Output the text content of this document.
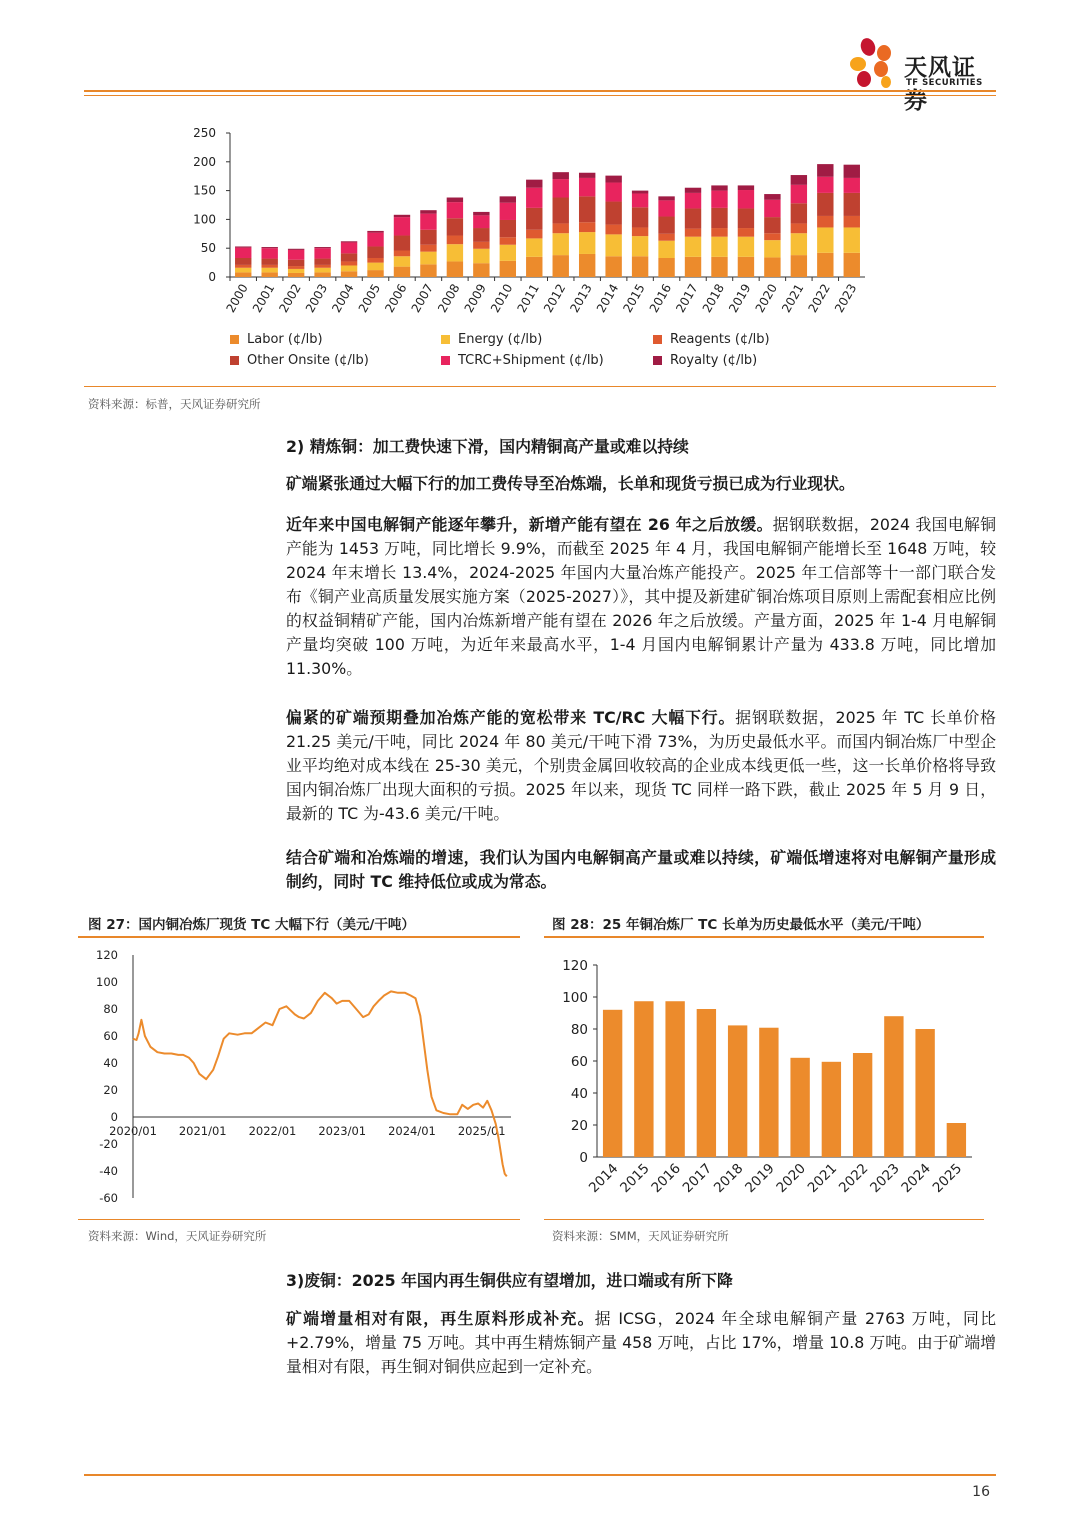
天风证券
TF SECURITIES
0
50
100
150
200
250
2000 2001 2002 2003 2004 2005 2006 2007 2008 2009 2010 2011 2012 2013 2014 2015 2016 2017 2018 2019 2020 2021 2022 2023
Labor (¢/lb)	Energy (¢/lb)	Reagents (¢/lb)
Other Onsite (¢/lb)	TCRC+Shipment (¢/lb)	Royalty (¢/lb)
资料来源：标普，天风证券研究所
2) 精炼铜：加工费快速下滑，国内精铜高产量或难以持续
矿端紧张通过大幅下行的加工费传导至冶炼端，长单和现货亏损已成为行业现状。
近年来中国电解铜产能逐年攀升，新增产能有望在 26 年之后放缓。据钢联数据，2024 我国电解铜产能为 1453 万吨，同比增长 9.9%，而截至 2025 年 4 月，我国电解铜产能增长至 1648 万吨，较 2024 年末增长 13.4%，2024-2025 年国内大量冶炼产能投产。2025 年工信部等十一部门联合发布《铜产业高质量发展实施方案（2025-2027）》，其中提及新建矿铜冶炼项目原则上需配套相应比例的权益铜精矿产能，国内冶炼新增产能有望在 2026 年之后放缓。产量方面，2025 年 1-4 月电解铜产量均突破 100 万吨，为近年来最高水平，1-4 月国内电解铜累计产量为 433.8 万吨，同比增加 11.30%。
偏紧的矿端预期叠加冶炼产能的宽松带来 TC/RC 大幅下行。据钢联数据，2025 年 TC 长单价格 21.25 美元/干吨，同比 2024 年 80 美元/干吨下滑 73%，为历史最低水平。而国内铜冶炼厂中型企业平均绝对成本线在 25-30 美元，个别贵金属回收较高的企业成本线更低一些，这一长单价格将导致国内铜冶炼厂出现大面积的亏损。2025 年以来，现货 TC 同样一路下跌，截止 2025 年 5 月 9 日，最新的 TC 为-43.6 美元/干吨。
结合矿端和冶炼端的增速，我们认为国内电解铜高产量或难以持续，矿端低增速将对电解铜产量形成制约，同时 TC 维持低位或成为常态。
图 27：国内铜冶炼厂现货 TC 大幅下行（美元/干吨）
120
100
80
60
40
20
0
-20
-40
-60
2020/01 2021/01 2022/01 2023/01 2024/01 2025/01
资料来源：Wind，天风证券研究所
图 28：25 年铜冶炼厂 TC 长单为历史最低水平（美元/干吨）
0
20
40
60
80
100
120
2014
2015
2016
2017
2018
2019
2020
2021
2022
2023
2024
2025
资料来源：SMM，天风证券研究所
3)废铜：2025 年国内再生铜供应有望增加，进口端或有所下降
矿端增量相对有限，再生原料形成补充。据 ICSG，2024 年全球电解铜产量 2763 万吨，同比+2.79%，增量 75 万吨。其中再生精炼铜产量 458 万吨，占比 17%，增量 10.8 万吨。由于矿端增量相对有限，再生铜对铜供应起到一定补充。
16
